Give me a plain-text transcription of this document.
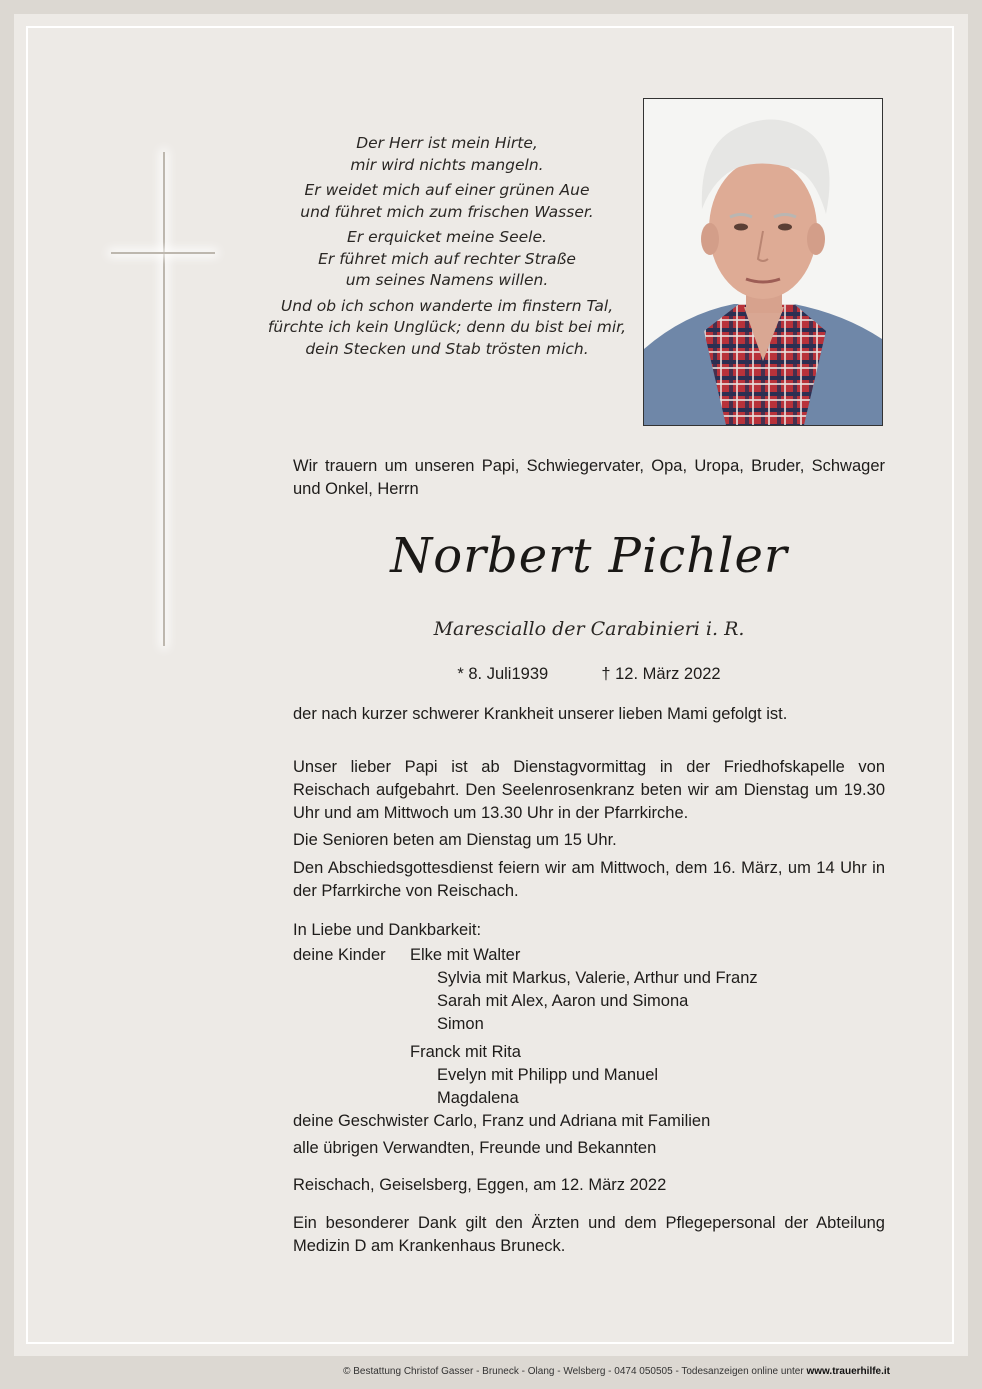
Der Herr ist mein Hirte,
mir wird nichts mangeln.
Er weidet mich auf einer grünen Aue
und führet mich zum frischen Wasser.
Er erquicket meine Seele.
Er führet mich auf rechter Straße
um seines Namens willen.
Und ob ich schon wanderte im finstern Tal,
fürchte ich kein Unglück; denn du bist bei mir,
dein Stecken und Stab trösten mich.
Wir trauern um unseren Papi, Schwiegervater, Opa, Uropa, Bruder, Schwager und Onkel, Herrn
Norbert Pichler
Maresciallo der Carabinieri i. R.
* 8. Juli1939	† 12. März 2022
der nach kurzer schwerer Krankheit unserer lieben Mami gefolgt ist.
Unser lieber Papi ist ab Dienstagvormittag in der Friedhofskapelle von Reischach aufgebahrt. Den Seelenrosenkranz beten wir am Dienstag um 19.30 Uhr und am Mittwoch um 13.30 Uhr in der Pfarrkirche.
Die Senioren beten am Dienstag um 15 Uhr.
Den Abschiedsgottesdienst feiern wir am Mittwoch, dem 16. März, um 14 Uhr in der Pfarrkirche von Reischach.
In Liebe und Dankbarkeit:
deine Kinder Elke mit Walter
Sylvia mit Markus, Valerie, Arthur und Franz
Sarah mit Alex, Aaron und Simona
Simon
Franck mit Rita
Evelyn mit Philipp und Manuel
Magdalena
deine Geschwister Carlo, Franz und Adriana mit Familien
alle übrigen Verwandten, Freunde und Bekannten
Reischach, Geiselsberg, Eggen, am 12. März 2022
Ein besonderer Dank gilt den Ärzten und dem Pflegepersonal der Abteilung Medizin D am Krankenhaus Bruneck.
© Bestattung Christof Gasser - Bruneck - Olang - Welsberg - 0474 050505 - Todesanzeigen online unter www.trauerhilfe.it
